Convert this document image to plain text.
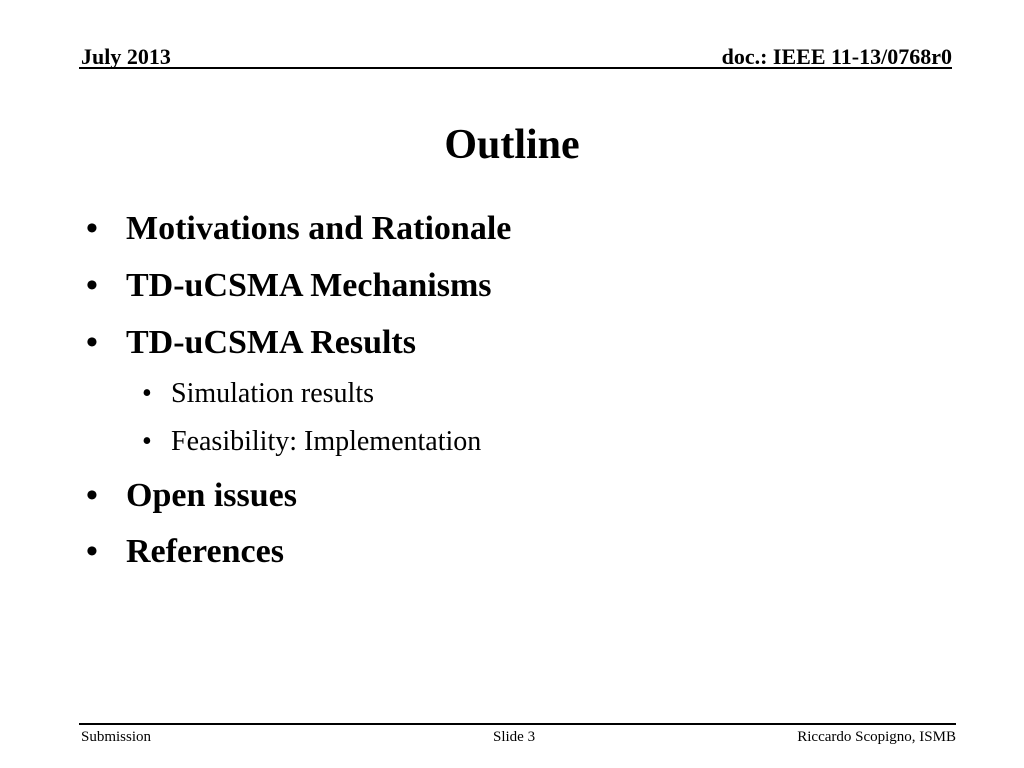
July 2013	doc.: IEEE 11-13/0768r0
Outline
• Motivations and Rationale
• TD-uCSMA Mechanisms
• TD-uCSMA Results
• Simulation results
• Feasibility: Implementation
• Open issues
• References
Submission	Slide 3	Riccardo Scopigno, ISMB
